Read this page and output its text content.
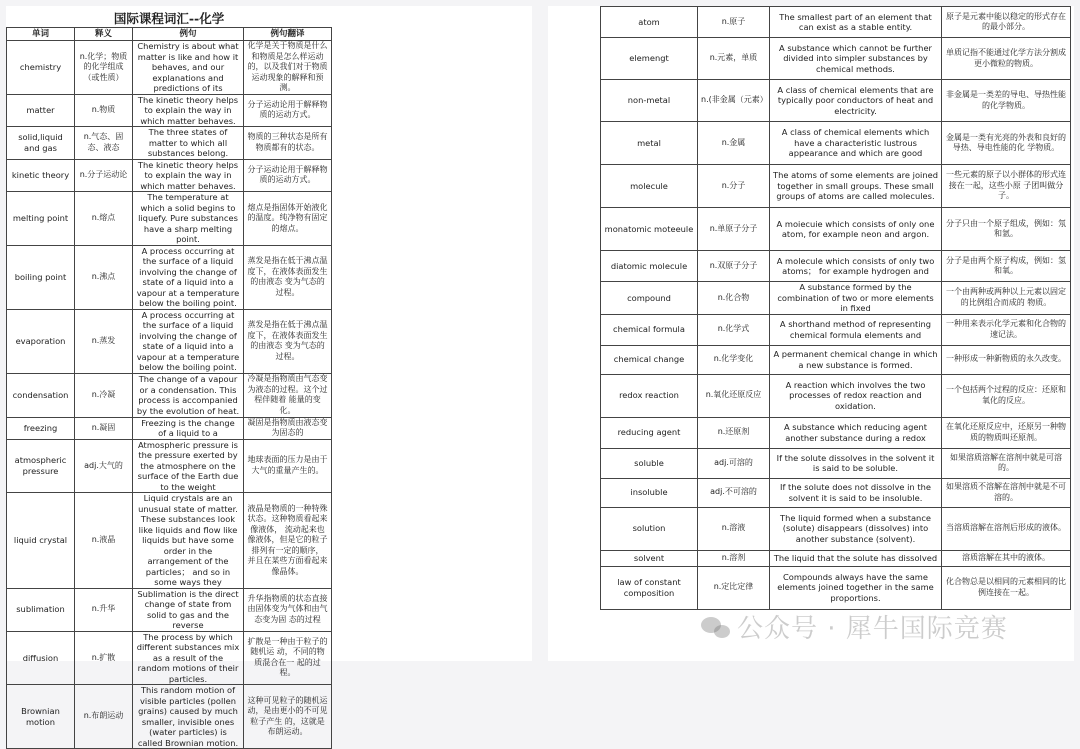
国际课程词汇--化学			
单词	释义	例句	例句翻译
chemistry	n.化学；物质的化学组成（或性质）	Chemistry is about what matter is like and how it behaves, and our explanations and predictions of its	化学是关于物质是什么和物质是怎么样运动的，以及我们对于物质运动现象的解释和预测。
matter	n.物质	The kinetic theory helps to explain the way in which matter behaves.	分子运动论用于解释物质的运动方式。
solid,liquid and gas	n.气态、固态、液态	The three states of matter to which all substances belong.	物质的三种状态是所有物质都有的状态。
kinetic theory	n.分子运动论	The kinetic theory helps to explain the way in which matter behaves.	分子运动论用于解释物质的运动方式。
melting point	n.熔点	The temperature at which a solid begins to liquefy. Pure substances have a sharp melting point.	熔点是指固体开始液化的温度。纯净物有固定的熔点。
boiling point	n.沸点	A process occurring at the surface of a liquid involving the change of state of a liquid into a vapour at a temperature below the boiling point.	蒸发是指在低于沸点温度下，在液体表面发生的由液态 变为气态的过程。
evaporation	n.蒸发	A process occurring at the surface of a liquid involving the change of state of a liquid into a vapour at a temperature below the boiling point.	蒸发是指在低于沸点温度下，在液体表面发生的由液态 变为气态的过程。
condensation	n.冷凝	The change of a vapour or a condensation. This process is accompanied by the evolution of heat.	冷凝是指物质由气态变为液态的过程。这个过程伴随着 能量的变化。
freezing	n.凝固	Freezing is the change of a liquid to a	凝固是指物质由液态变为固态的
atmospheric pressure	adj.大气的	Atmospheric pressure is the pressure exerted by the atmosphere on the surface of the Earth due to the weight	地球表面的压力是由于大气的重量产生的。
liquid crystal	n.液晶	Liquid crystals are an unusual state of matter. These substances look like liquids and flow like liquids but have some order in the arrangement of the particles； and so in some ways they	液晶是物质的一种特殊状态。这种物质看起来像液体， 流动起来也像液体，但是它的粒子排列有一定的顺序， 并且在某些方面看起来像晶体。
sublimation	n.升华	Sublimation is the direct change of state from solid to gas and the reverse	升华指物质的状态直接由固体变为气体和由气态变为固 态的过程
diffusion	n.扩散	The process by which different substances mix as a result of the random motions of their particles.	扩散是一种由于粒子的随机运 动，不同的物质混合在一 起的过程。
Brownian motion	n.布朗运动	This random motion of visible particles (pollen grains) caused by much smaller, invisible ones (water particles) is called Brownian motion.	这种可见粒子的随机运动，是由更小的不可见粒子产生 的，这就是布朗运动。
atom	n.原子	The smallest part of an element that can exist as a stable entity.	原子是元素中能以稳定的形式存在的最小部分。
elemengt	n.元素，单质	A substance which cannot be further divided into simpler substances by chemical methods.	单质记指不能通过化学方法分割成更小微粒的物质。
non-metal	n.(非金属（元素）	A class of chemical elements that are typically poor conductors of heat and electricity.	非金属是一类差的导电、导热性能的化学物质。
metal	n.金属	A class of chemical elements which have a characteristic lustrous appearance and which are good	金属是一类有光亮的外表和良好的导热、导电性能的化 学物质。
molecule	n.分子	The atoms of some elements are joined together in small groups. These small groups of atoms are called molecules.	一些元素的原子以小群体的形式连接在一起，这些小原 子团叫做分子。
monatomic moteeule	n.单原子分子	A moiecuie which consists of only one atom, for example neon and argon.	分子只由一个原子组成，例如：氖和氩。
diatomic molecule	n.双原子分子	A molecule which consists of only two atoms； for example hydrogen and	分子是由两个原子构成，例如：氢和氧。
compound	n.化合物	A substance formed by the combination of two or more elements in fixed	一个由两种或两种以上元素以固定的比例组合而成的 物质。
chemical formula	n.化学式	A shorthand method of representing chemical formula elements and	一种用来表示化学元素和化合物的速记法。
chemical change	n.化学变化	A permanent chemical change in which a new substance is formed.	一种形成一种新物质的永久改变。
redox reaction	n.氧化还原反应	A reaction which involves the two processes of redox reaction and oxidation.	一个包括两个过程的反应：还原和氧化的反应。
reducing agent	n.还原剂	A substance which reducing agent another substance during a redox	在氧化还原反应中，还原另一种物质的物质叫还原剂。
soluble	adj.可溶的	If the solute dissolves in the solvent it is said to be soluble.	如果溶质溶解在溶剂中就是可溶的。
insoluble	adj.不可溶的	If the solute does not dissolve in the solvent it is said to be insoluble.	如果溶质不溶解在溶剂中就是不可溶的。
solution	n.溶液	The liquid formed when a substance (solute) disappears (dissolves) into another substance (solvent).	当溶质溶解在溶剂后形成的液体。
solvent	n.溶剂	The liquid that the solute has dissolved	溶质溶解在其中的液体。
law of constant composition	n.定比定律	Compounds always have the same elements joined together in the same proportions.	化合物总是以相同的元素相同的比例连接在一起。
公众号 · 犀牛国际竞赛
